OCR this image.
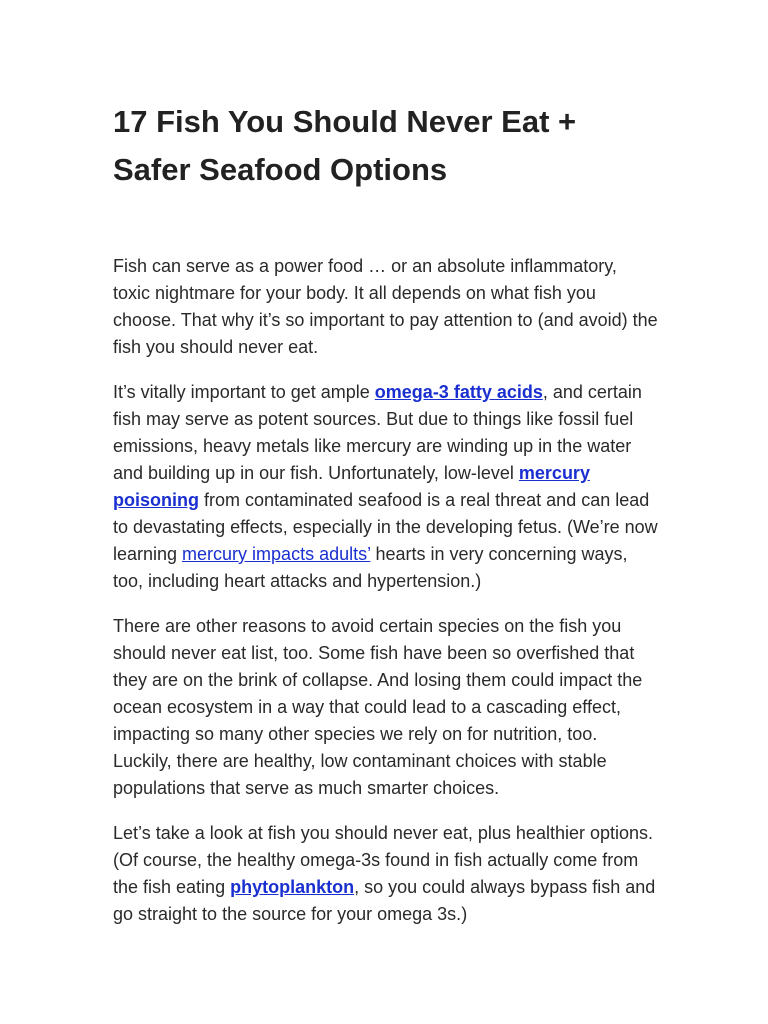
17 Fish You Should Never Eat + Safer Seafood Options

Fish can serve as a power food … or an absolute inflammatory, toxic nightmare for your body. It all depends on what fish you choose. That why it’s so important to pay attention to (and avoid) the fish you should never eat.

It’s vitally important to get ample omega-3 fatty acids, and certain fish may serve as potent sources. But due to things like fossil fuel emissions, heavy metals like mercury are winding up in the water and building up in our fish. Unfortunately, low-level mercury poisoning from contaminated seafood is a real threat and can lead to devastating effects, especially in the developing fetus. (We’re now learning mercury impacts adults’ hearts in very concerning ways, too, including heart attacks and hypertension.)

There are other reasons to avoid certain species on the fish you should never eat list, too. Some fish have been so overfished that they are on the brink of collapse. And losing them could impact the ocean ecosystem in a way that could lead to a cascading effect, impacting so many other species we rely on for nutrition, too. Luckily, there are healthy, low contaminant choices with stable populations that serve as much smarter choices.

Let’s take a look at fish you should never eat, plus healthier options. (Of course, the healthy omega-3s found in fish actually come from the fish eating phytoplankton, so you could always bypass fish and go straight to the source for your omega 3s.)
